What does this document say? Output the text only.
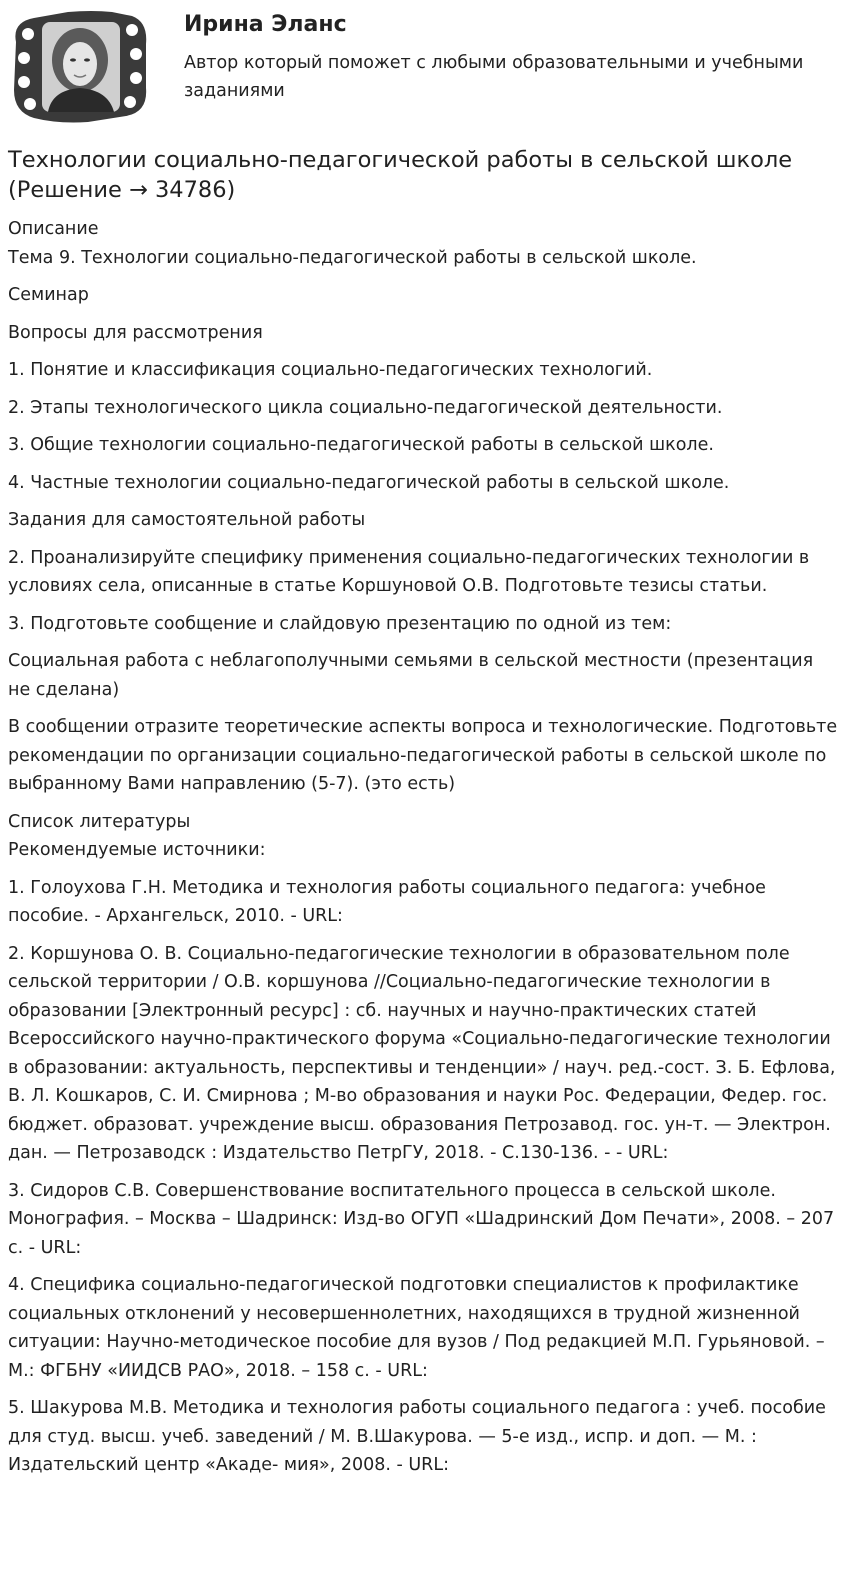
Ирина Эланс
Автор который поможет с любыми образовательными и учебными заданиями
Технологии социально-педагогической работы в сельской школе (Решение → 34786)
Описание
Тема 9. Технологии социально-педагогической работы в сельской школе.
Семинар
Вопросы для рассмотрения
1. Понятие и классификация социально-педагогических технологий.
2. Этапы технологического цикла социально-педагогической деятельности.
3. Общие технологии социально-педагогической работы в сельской школе.
4. Частные технологии социально-педагогической работы в сельской школе.
Задания для самостоятельной работы
2. Проанализируйте специфику применения социально-педагогических технологии в условиях села, описанные в статье Коршуновой О.В. Подготовьте тезисы статьи.
3. Подготовьте сообщение и слайдовую презентацию по одной из тем:
Социальная работа с неблагополучными семьями в сельской местности (презентация не сделана)
В сообщении отразите теоретические аспекты вопроса и технологические. Подготовьте рекомендации по организации социально-педагогической работы в сельской школе по выбранному Вами направлению (5-7). (это есть)
Список литературы
Рекомендуемые источники:
1. Голоухова Г.Н. Методика и технология работы социального педагога: учебное пособие. - Архангельск, 2010. - URL:
2. Коршунова О. В. Социально-педагогические технологии в образовательном поле сельской территории / О.В. коршунова //Социально-педагогические технологии в образовании [Электронный ресурс] : сб. научных и научно-практических статей Всероссийского научно-практического форума «Социально-педагогические технологии в образовании: актуальность, перспективы и тенденции» / науч. ред.-сост. З. Б. Ефлова, В. Л. Кошкаров, С. И. Смирнова ; М-во образования и науки Рос. Федерации, Федер. гос. бюджет. образоват. учреждение высш. образования Петрозавод. гос. ун-т. — Электрон. дан. — Петрозаводск : Издательство ПетрГУ, 2018. - С.130-136. - - URL:
3. Сидоров С.В. Совершенствование воспитательного процесса в сельской школе. Монография. – Москва – Шадринск: Изд-во ОГУП «Шадринский Дом Печати», 2008. – 207 с. - URL:
4. Специфика социально-педагогической подготовки специалистов к профилактике социальных отклонений у несовершеннолетних, находящихся в трудной жизненной ситуации: Научно-методическое пособие для вузов / Под редакцией М.П. Гурьяновой. – М.: ФГБНУ «ИИДСВ РАО», 2018. – 158 с. - URL:
5. Шакурова М.В. Методика и технология работы социального педагога : учеб. пособие для студ. высш. учеб. заведений / М. В.Шакурова. — 5-е изд., испр. и доп. — М. : Издательский центр «Акаде- мия», 2008. - URL:
